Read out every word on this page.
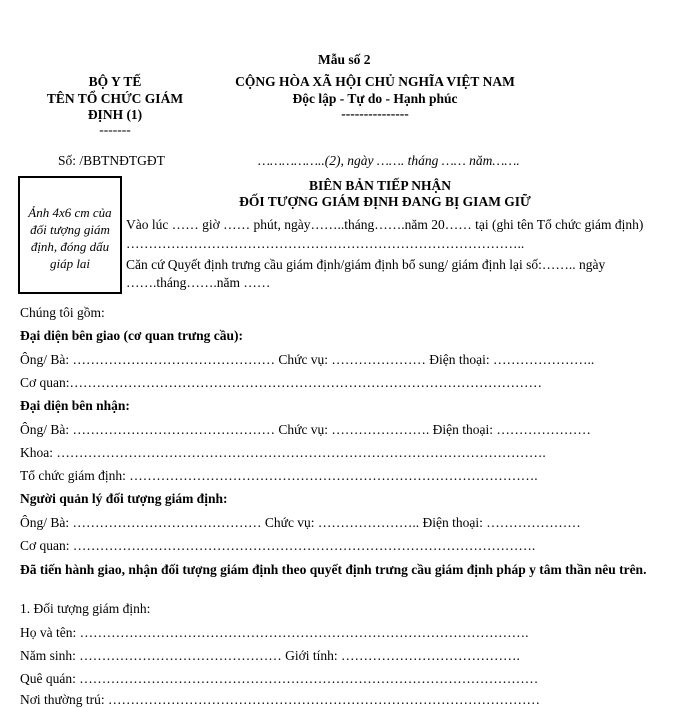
Mẫu số 2
BỘ Y TẾ
TÊN TỔ CHỨC GIÁM
ĐỊNH (1)
-------
CỘNG HÒA XÃ HỘI CHỦ NGHĨA VIỆT NAM
Độc lập - Tự do - Hạnh phúc
---------------
Số: /BBTNĐTGĐT	……………..(2), ngày ……. tháng …… năm…….
BIÊN BẢN TIẾP NHẬN
ĐỐI TƯỢNG GIÁM ĐỊNH ĐANG BỊ GIAM GIỮ
Ảnh 4x6 cm của đối tượng giám định, đóng dấu giáp lai
Vào lúc …… giờ …… phút, ngày……..tháng…….năm 20…… tại (ghi tên Tổ chức giám định)
……………………………………………………………………………..
Căn cứ Quyết định trưng cầu giám định/giám định bổ sung/ giám định lại số:…….. ngày
…….tháng…….năm ……
Chúng tôi gồm:
Đại diện bên giao (cơ quan trưng cầu):
Ông/ Bà: ……………………………………… Chức vụ: ………………… Điện thoại: …………………..
Cơ quan:……………………………………………………………………………………………
Đại diện bên nhận:
Ông/ Bà: ……………………………………… Chức vụ: …………………. Điện thoại: …………………
Khoa: ……………………………………………………………………………………………….
Tổ chức giám định: ……………………………………………………………………………….
Người quản lý đối tượng giám định:
Ông/ Bà: …………………………………… Chức vụ: ………………….. Điện thoại: …………………
Cơ quan: ………………………………………………………………………………………….
Đã tiến hành giao, nhận đối tượng giám định theo quyết định trưng cầu giám định pháp y tâm thần nêu trên.
1. Đối tượng giám định:
Họ và tên: ……………………………………………………………………………………….
Năm sinh: ……………………………………… Giới tính: ………………………………….
Quê quán: …………………………………………………………………………………………
Nơi thường trú: ……………………………………………………………………………………
